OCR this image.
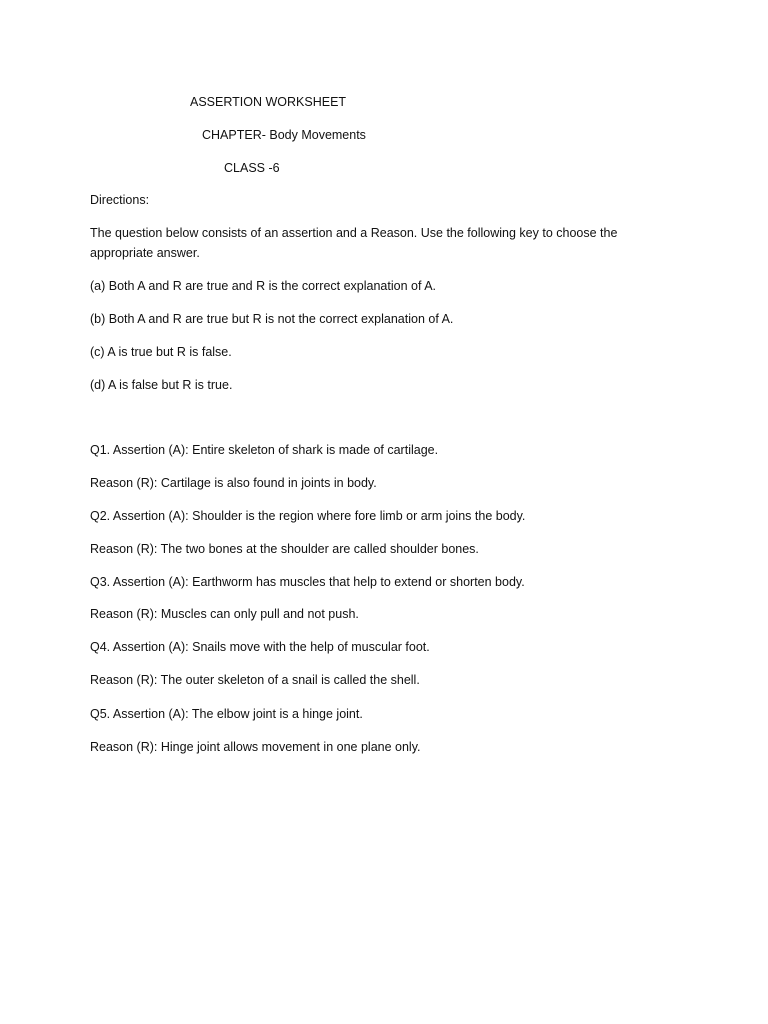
ASSERTION WORKSHEET
CHAPTER- Body Movements
CLASS -6
Directions:
The question below consists of an assertion and a Reason. Use the following key to choose the appropriate answer.
(a) Both A and R are true and R is the correct explanation of A.
(b) Both A and R are true but R is not the correct explanation of A.
(c) A is true but R is false.
(d) A is false but R is true.
Q1. Assertion (A): Entire skeleton of shark is made of cartilage.
Reason (R): Cartilage is also found in joints in body.
Q2. Assertion (A): Shoulder is the region where fore limb or arm joins the body.
Reason (R): The two bones at the shoulder are called shoulder bones.
Q3. Assertion (A): Earthworm has muscles that help to extend or shorten body.
Reason (R): Muscles can only pull and not push.
Q4. Assertion (A): Snails move with the help of muscular foot.
Reason (R): The outer skeleton of a snail is called the shell.
Q5. Assertion (A): The elbow joint is a hinge joint.
Reason (R): Hinge joint allows movement in one plane only.
